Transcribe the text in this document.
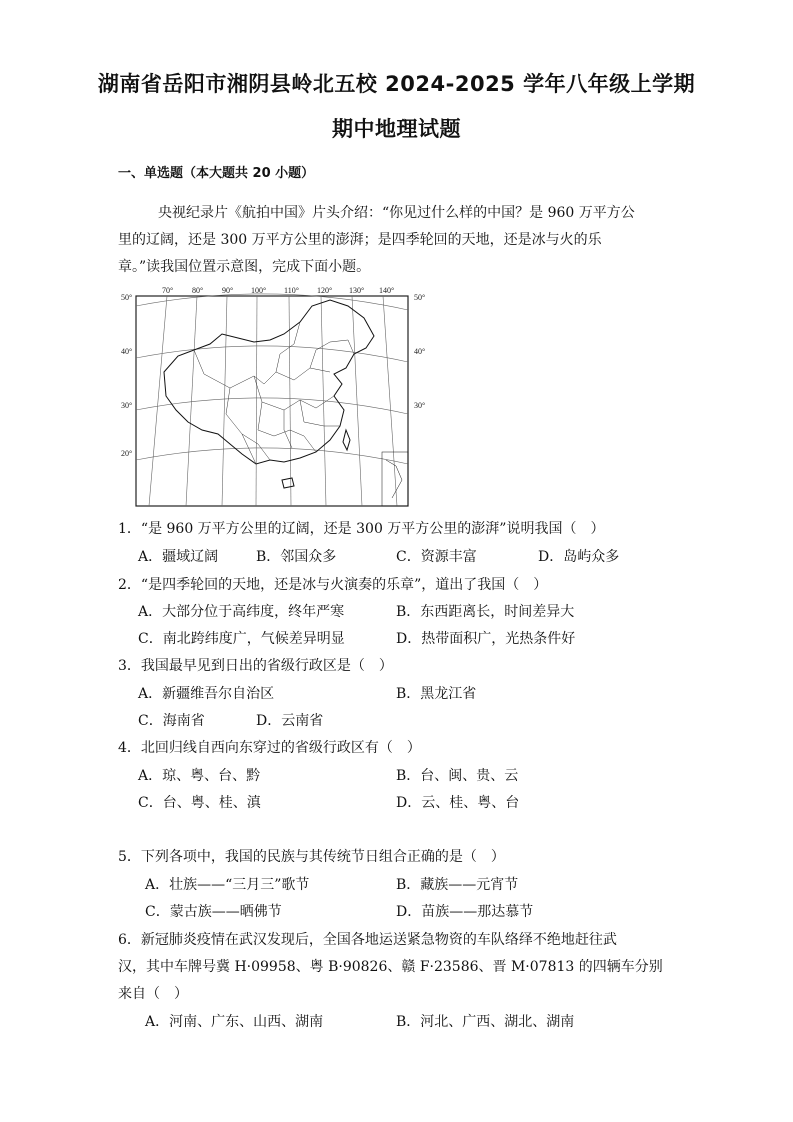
湖南省岳阳市湘阴县岭北五校 2024-2025 学年八年级上学期
期中地理试题
一、单选题（本大题共 20 小题）
央视纪录片《航拍中国》片头介绍：“你见过什么样的中国？是 960 万平方公
里的辽阔，还是 300 万平方公里的澎湃；是四季轮回的天地，还是冰与火的乐
章。”读我国位置示意图，完成下面小题。
70° 80° 90° 100° 110° 120° 130° 140°
50°
40°
30°
20°
50°
40°
30°
1．“是 960 万平方公里的辽阔，还是 300 万平方公里的澎湃”说明我国（　）
A．疆域辽阔	B．邻国众多	C．资源丰富	D．岛屿众多
2．“是四季轮回的天地，还是冰与火演奏的乐章”，道出了我国（　）
A．大部分位于高纬度，终年严寒	B．东西距离长，时间差异大
C．南北跨纬度广，气候差异明显	D．热带面积广，光热条件好
3．我国最早见到日出的省级行政区是（　）
A．新疆维吾尔自治区	B．黑龙江省
C．海南省	D．云南省
4．北回归线自西向东穿过的省级行政区有（　）
A．琼、粤、台、黔	B．台、闽、贵、云
C．台、粤、桂、滇	D．云、桂、粤、台
5．下列各项中，我国的民族与其传统节日组合正确的是（　）
A．壮族——“三月三”歌节	B．藏族——元宵节
C．蒙古族——晒佛节	D．苗族——那达慕节
6．新冠肺炎疫情在武汉发现后，全国各地运送紧急物资的车队络绎不绝地赶往武
汉，其中车牌号冀 H·09958、粤 B·90826、赣 F·23586、晋 M·07813 的四辆车分别
来自（　）
A．河南、广东、山西、湖南	B．河北、广西、湖北、湖南
